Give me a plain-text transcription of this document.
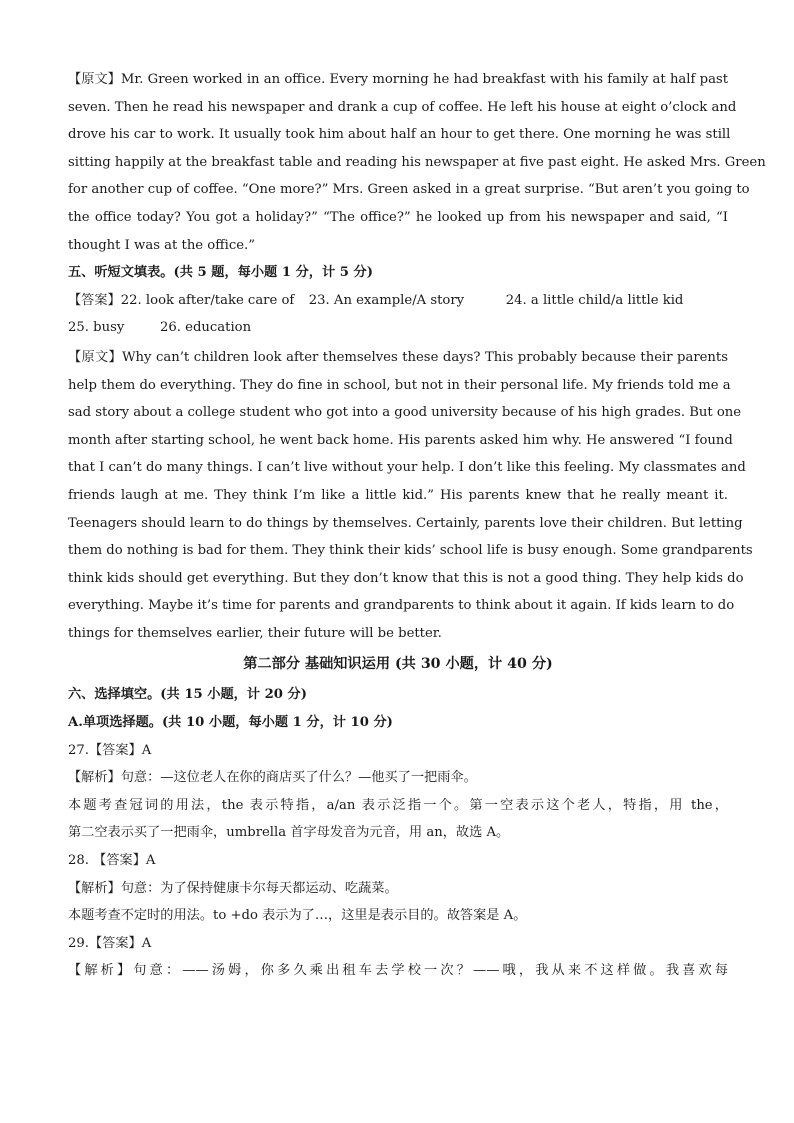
【原文】Mr. Green worked in an office. Every morning he had breakfast with his family at half past
seven. Then he read his newspaper and drank a cup of coffee. He left his house at eight o’clock and
drove his car to work. It usually took him about half an hour to get there. One morning he was still
sitting happily at the breakfast table and reading his newspaper at five past eight. He asked Mrs. Green
for another cup of coffee. “One more?” Mrs. Green asked in a great surprise. “But aren’t you going to
the office today? You got a holiday?” “The office?” he looked up from his newspaper and said, “I
thought I was at the office.”
五、听短文填表。(共 5 题，每小题 1 分，计 5 分)
【答案】22. look after/take care of 23. An example/A story	24. a little child/a little kid
25. busy	26. education
【原文】Why can’t children look after themselves these days? This probably because their parents
help them do everything. They do fine in school, but not in their personal life. My friends told me a
sad story about a college student who got into a good university because of his high grades. But one
month after starting school, he went back home. His parents asked him why. He answered “I found
that I can’t do many things. I can’t live without your help. I don’t like this feeling. My classmates and
friends laugh at me. They think I’m like a little kid.” His parents knew that he really meant it.
Teenagers should learn to do things by themselves. Certainly, parents love their children. But letting
them do nothing is bad for them. They think their kids’ school life is busy enough. Some grandparents
think kids should get everything. But they don’t know that this is not a good thing. They help kids do
everything. Maybe it’s time for parents and grandparents to think about it again. If kids learn to do
things for themselves earlier, their future will be better.
第二部分 基础知识运用 (共 30 小题，计 40 分)
六、选择填空。(共 15 小题，计 20 分)
A.单项选择题。(共 10 小题，每小题 1 分，计 10 分)
27.【答案】A
【解析】句意：—这位老人在你的商店买了什么？—他买了一把雨伞。
本题考查冠词的用法，the 表示特指，a/an 表示泛指一个。第一空表示这个老人，特指，用 the，
第二空表示买了一把雨伞，umbrella 首字母发音为元音，用 an，故选 A。
28. 【答案】A
【解析】句意：为了保持健康卡尔每天都运动、吃蔬菜。
本题考查不定时的用法。to +do 表示为了…，这里是表示目的。故答案是 A。
29.【答案】A
【解析】句意：——汤姆，你多久乘出租车去学校一次？——哦，我从来不这样做。我喜欢每
